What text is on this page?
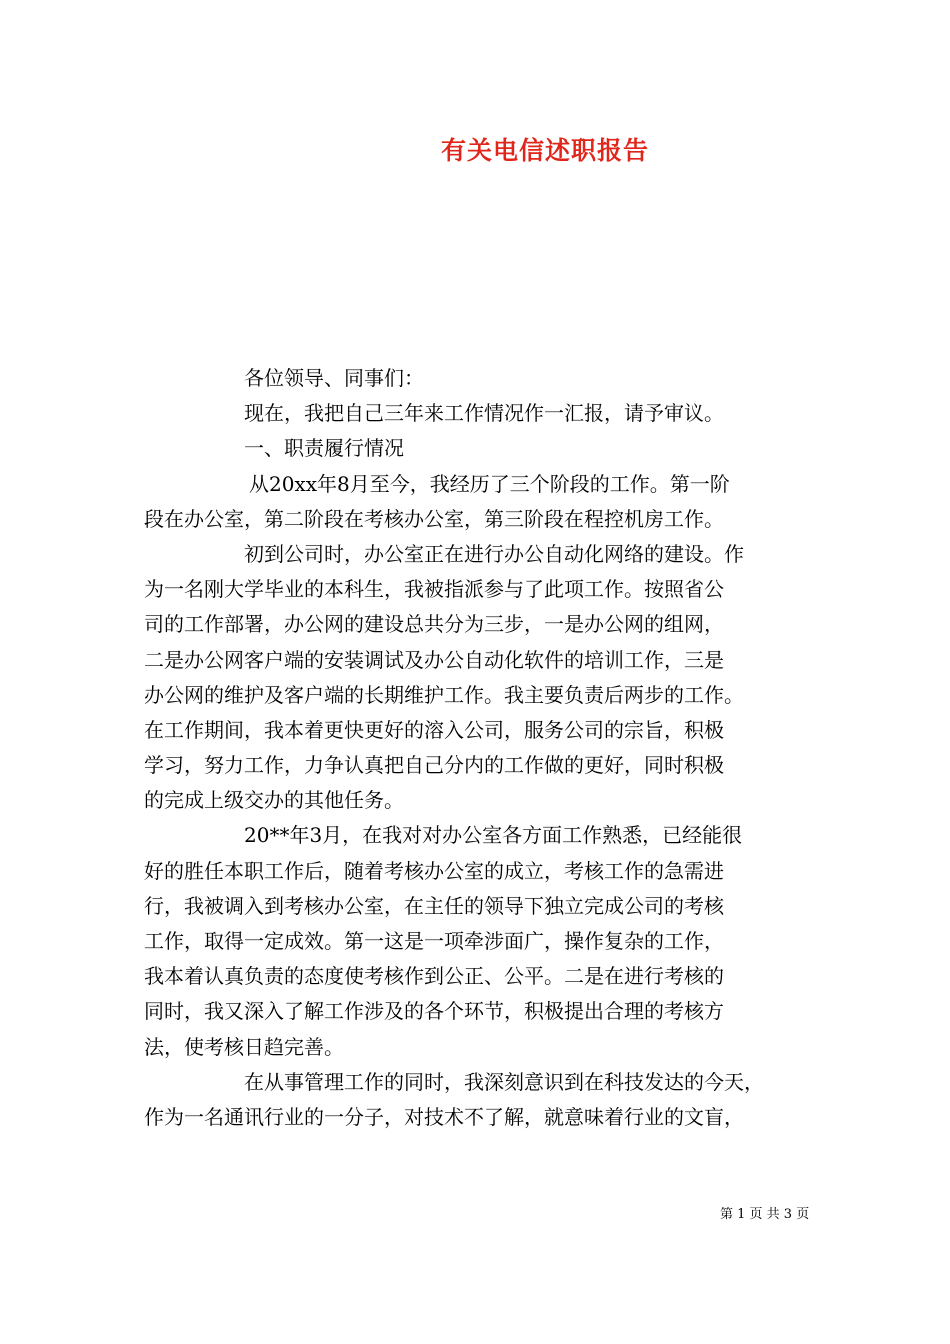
有关电信述职报告
各位领导、同事们：
现在，我把自己三年来工作情况作一汇报，请予审议。
一、职责履行情况
从20xx年8月至今，我经历了三个阶段的工作。第一阶
段在办公室，第二阶段在考核办公室，第三阶段在程控机房工作。
初到公司时，办公室正在进行办公自动化网络的建设。作
为一名刚大学毕业的本科生，我被指派参与了此项工作。按照省公
司的工作部署，办公网的建设总共分为三步，一是办公网的组网，
二是办公网客户端的安装调试及办公自动化软件的培训工作，三是
办公网的维护及客户端的长期维护工作。我主要负责后两步的工作。
在工作期间，我本着更快更好的溶入公司，服务公司的宗旨，积极
学习，努力工作，力争认真把自己分内的工作做的更好，同时积极
的完成上级交办的其他任务。
20**年3月，在我对对办公室各方面工作熟悉，已经能很
好的胜任本职工作后，随着考核办公室的成立，考核工作的急需进
行，我被调入到考核办公室，在主任的领导下独立完成公司的考核
工作，取得一定成效。第一这是一项牵涉面广，操作复杂的工作，
我本着认真负责的态度使考核作到公正、公平。二是在进行考核的
同时，我又深入了解工作涉及的各个环节，积极提出合理的考核方
法，使考核日趋完善。
在从事管理工作的同时，我深刻意识到在科技发达的今天，
作为一名通讯行业的一分子，对技术不了解，就意味着行业的文盲，
第 1 页 共 3 页
